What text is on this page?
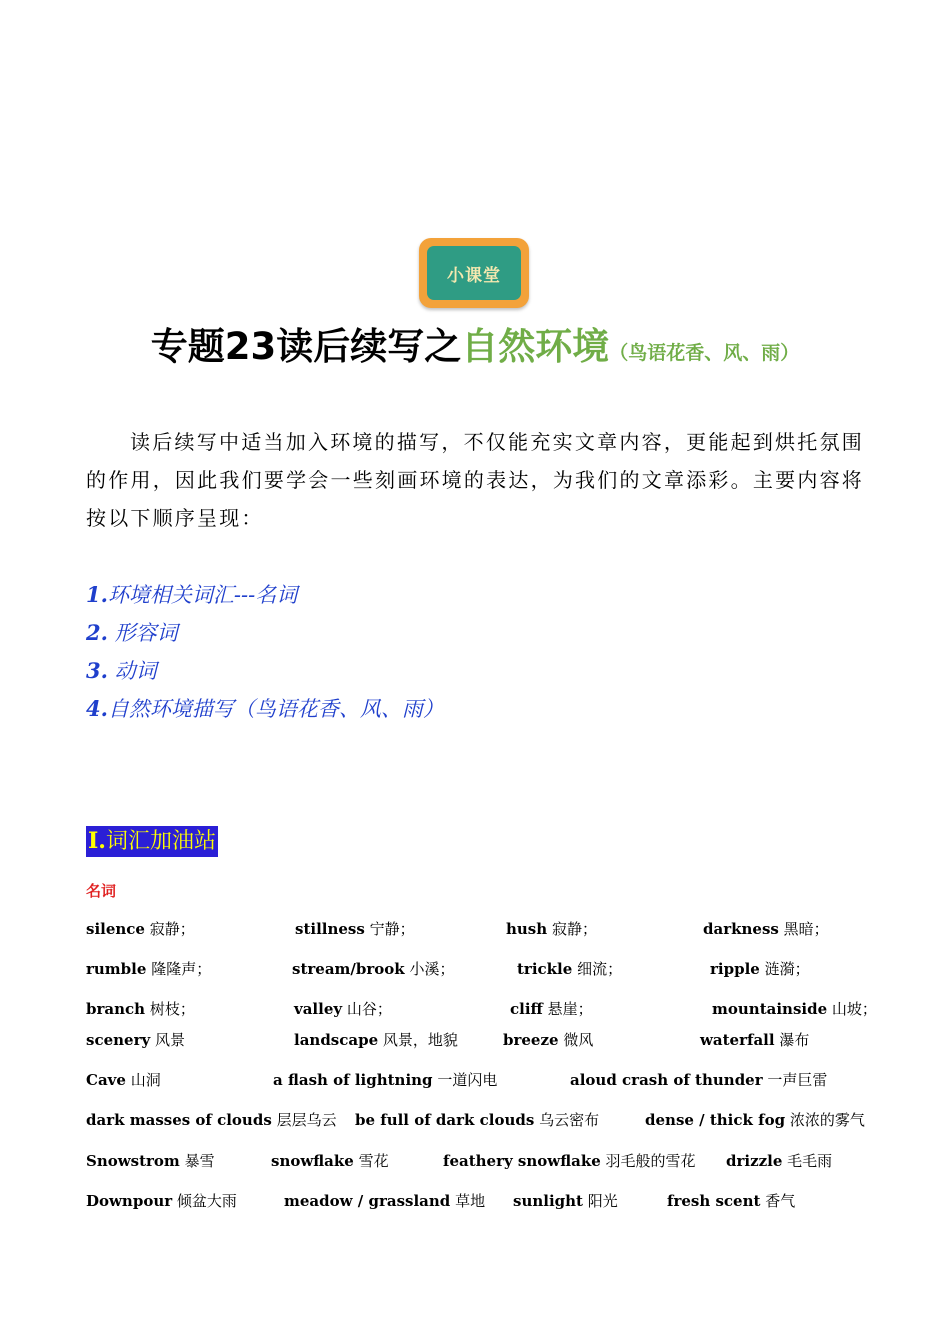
小课堂
专题23读后续写之自然环境（鸟语花香、风、雨）
读后续写中适当加入环境的描写，不仅能充实文章内容，更能起到烘托氛围的作用，因此我们要学会一些刻画环境的表达，为我们的文章添彩。主要内容将按以下顺序呈现：
1.环境相关词汇---名词
2. 形容词
3. 动词
4.自然环境描写（鸟语花香、风、雨）
I.词汇加油站
名词
silence 寂静；	stillness 宁静；	hush 寂静；	darkness 黑暗；
rumble 隆隆声；	stream/brook 小溪；	trickle 细流；	ripple 涟漪；
branch 树枝；	valley 山谷；	cliff 悬崖；	mountainside 山坡；
scenery 风景	landscape 风景，地貌	breeze 微风	waterfall 瀑布
Cave 山洞	a flash of lightning 一道闪电	aloud crash of thunder 一声巨雷
dark masses of clouds 层层乌云 be full of dark clouds 乌云密布	dense / thick fog 浓浓的雾气
Snowstrom 暴雪	snowflake 雪花	feathery snowflake 羽毛般的雪花 drizzle 毛毛雨
Downpour 倾盆大雨	meadow / grassland 草地 sunlight 阳光	fresh scent 香气
